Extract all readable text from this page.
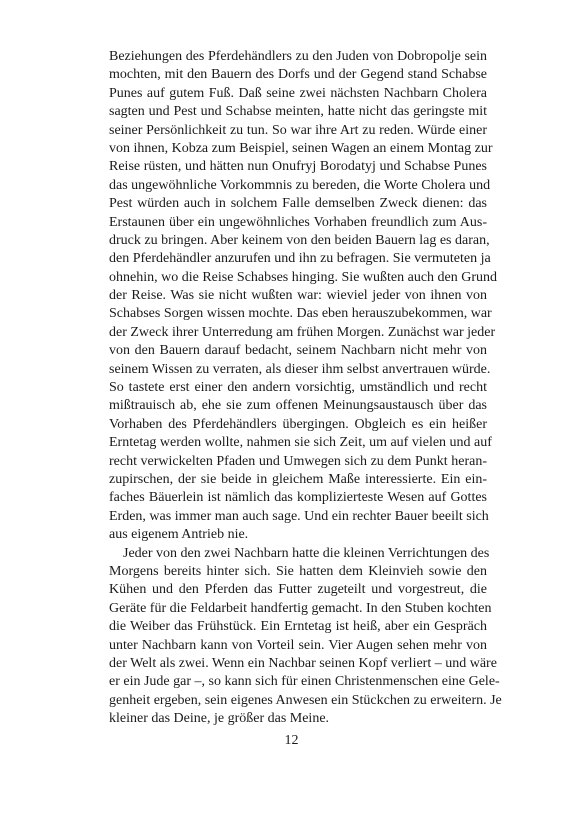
Beziehungen des Pferdehändlers zu den Juden von Dobropolje sein
mochten, mit den Bauern des Dorfs und der Gegend stand Schabse
Punes auf gutem Fuß. Daß seine zwei nächsten Nachbarn Cholera
sagten und Pest und Schabse meinten, hatte nicht das geringste mit
seiner Persönlichkeit zu tun. So war ihre Art zu reden. Würde einer
von ihnen, Kobza zum Beispiel, seinen Wagen an einem Montag zur
Reise rüsten, und hätten nun Onufryj Borodatyj und Schabse Punes
das ungewöhnliche Vorkommnis zu bereden, die Worte Cholera und
Pest würden auch in solchem Falle demselben Zweck dienen: das
Erstaunen über ein ungewöhnliches Vorhaben freundlich zum Aus-
druck zu bringen. Aber keinem von den beiden Bauern lag es daran,
den Pferdehändler anzurufen und ihn zu befragen. Sie vermuteten ja
ohnehin, wo die Reise Schabses hinging. Sie wußten auch den Grund
der Reise. Was sie nicht wußten war: wieviel jeder von ihnen von
Schabses Sorgen wissen mochte. Das eben herauszubekommen, war
der Zweck ihrer Unterredung am frühen Morgen. Zunächst war jeder
von den Bauern darauf bedacht, seinem Nachbarn nicht mehr von
seinem Wissen zu verraten, als dieser ihm selbst anvertrauen würde.
So tastete erst einer den andern vorsichtig, umständlich und recht
mißtrauisch ab, ehe sie zum offenen Meinungsaustausch über das
Vorhaben des Pferdehändlers übergingen. Obgleich es ein heißer
Erntetag werden wollte, nahmen sie sich Zeit, um auf vielen und auf
recht verwickelten Pfaden und Umwegen sich zu dem Punkt heran-
zupirschen, der sie beide in gleichem Maße interessierte. Ein ein-
faches Bäuerlein ist nämlich das komplizierteste Wesen auf Gottes
Erden, was immer man auch sage. Und ein rechter Bauer beeilt sich
aus eigenem Antrieb nie.
Jeder von den zwei Nachbarn hatte die kleinen Verrichtungen des
Morgens bereits hinter sich. Sie hatten dem Kleinvieh sowie den
Kühen und den Pferden das Futter zugeteilt und vorgestreut, die
Geräte für die Feldarbeit handfertig gemacht. In den Stuben kochten
die Weiber das Frühstück. Ein Erntetag ist heiß, aber ein Gespräch
unter Nachbarn kann von Vorteil sein. Vier Augen sehen mehr von
der Welt als zwei. Wenn ein Nachbar seinen Kopf verliert – und wäre
er ein Jude gar –, so kann sich für einen Christenmenschen eine Gele-
genheit ergeben, sein eigenes Anwesen ein Stückchen zu erweitern. Je
kleiner das Deine, je größer das Meine.
12
